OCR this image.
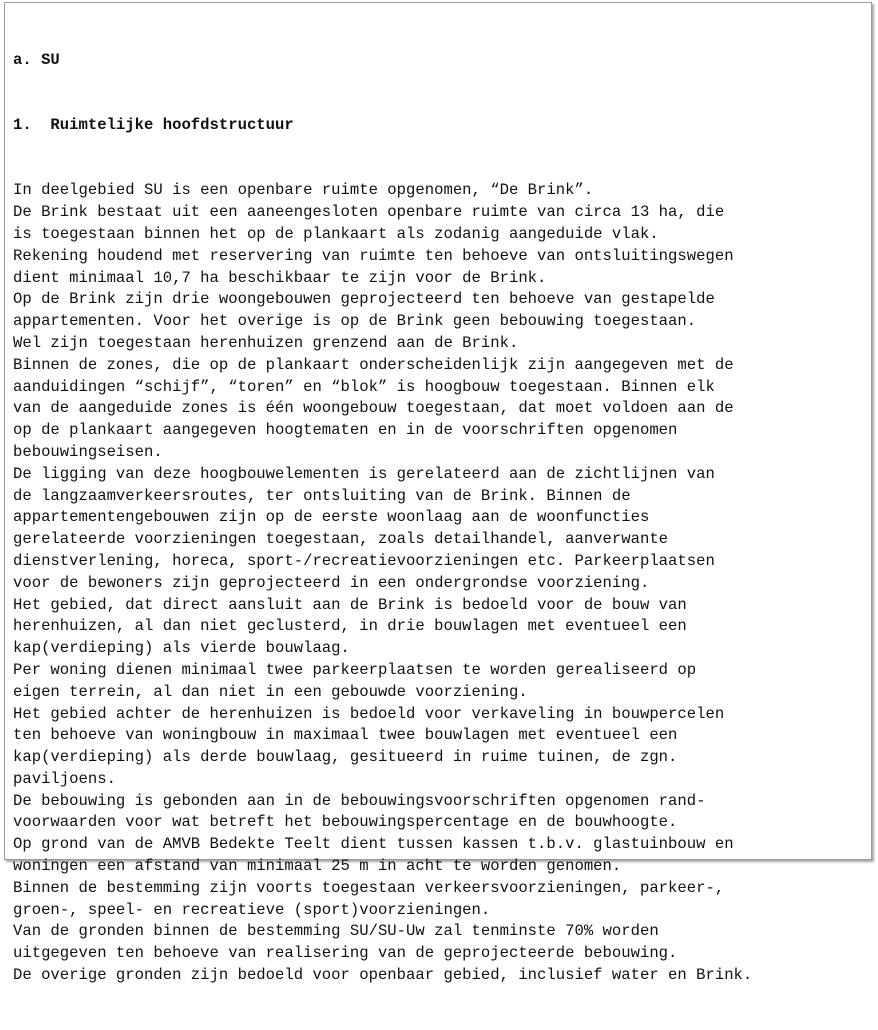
a. SU

1.  Ruimtelijke hoofdstructuur

In deelgebied SU is een openbare ruimte opgenomen, “De Brink”.
De Brink bestaat uit een aaneengesloten openbare ruimte van circa 13 ha, die
is toegestaan binnen het op de plankaart als zodanig aangeduide vlak.
Rekening houdend met reservering van ruimte ten behoeve van ontsluitingswegen
dient minimaal 10,7 ha beschikbaar te zijn voor de Brink.
Op de Brink zijn drie woongebouwen geprojecteerd ten behoeve van gestapelde
appartementen. Voor het overige is op de Brink geen bebouwing toegestaan.
Wel zijn toegestaan herenhuizen grenzend aan de Brink.
Binnen de zones, die op de plankaart onderscheidenlijk zijn aangegeven met de
aanduidingen “schijf”, “toren” en “blok” is hoogbouw toegestaan. Binnen elk
van de aangeduide zones is één woongebouw toegestaan, dat moet voldoen aan de
op de plankaart aangegeven hoogtematen en in de voorschriften opgenomen
bebouwingseisen.
De ligging van deze hoogbouwelementen is gerelateerd aan de zichtlijnen van
de langzaamverkeersroutes, ter ontsluiting van de Brink. Binnen de
appartementengebouwen zijn op de eerste woonlaag aan de woonfuncties
gerelateerde voorzieningen toegestaan, zoals detailhandel, aanverwante
dienstverlening, horeca, sport-/recreatievoorzieningen etc. Parkeerplaatsen
voor de bewoners zijn geprojecteerd in een ondergrondse voorziening.
Het gebied, dat direct aansluit aan de Brink is bedoeld voor de bouw van
herenhuizen, al dan niet geclusterd, in drie bouwlagen met eventueel een
kap(verdieping) als vierde bouwlaag.
Per woning dienen minimaal twee parkeerplaatsen te worden gerealiseerd op
eigen terrein, al dan niet in een gebouwde voorziening.
Het gebied achter de herenhuizen is bedoeld voor verkaveling in bouwpercelen
ten behoeve van woningbouw in maximaal twee bouwlagen met eventueel een
kap(verdieping) als derde bouwlaag, gesitueerd in ruime tuinen, de zgn.
paviljoens.
De bebouwing is gebonden aan in de bebouwingsvoorschriften opgenomen rand-
voorwaarden voor wat betreft het bebouwingspercentage en de bouwhoogte.
Op grond van de AMVB Bedekte Teelt dient tussen kassen t.b.v. glastuinbouw en
woningen een afstand van minimaal 25 m in acht te worden genomen.
Binnen de bestemming zijn voorts toegestaan verkeersvoorzieningen, parkeer-,
groen-, speel- en recreatieve (sport)voorzieningen.
Van de gronden binnen de bestemming SU/SU-Uw zal tenminste 70% worden
uitgegeven ten behoeve van realisering van de geprojecteerde bebouwing.
De overige gronden zijn bedoeld voor openbaar gebied, inclusief water en Brink.
